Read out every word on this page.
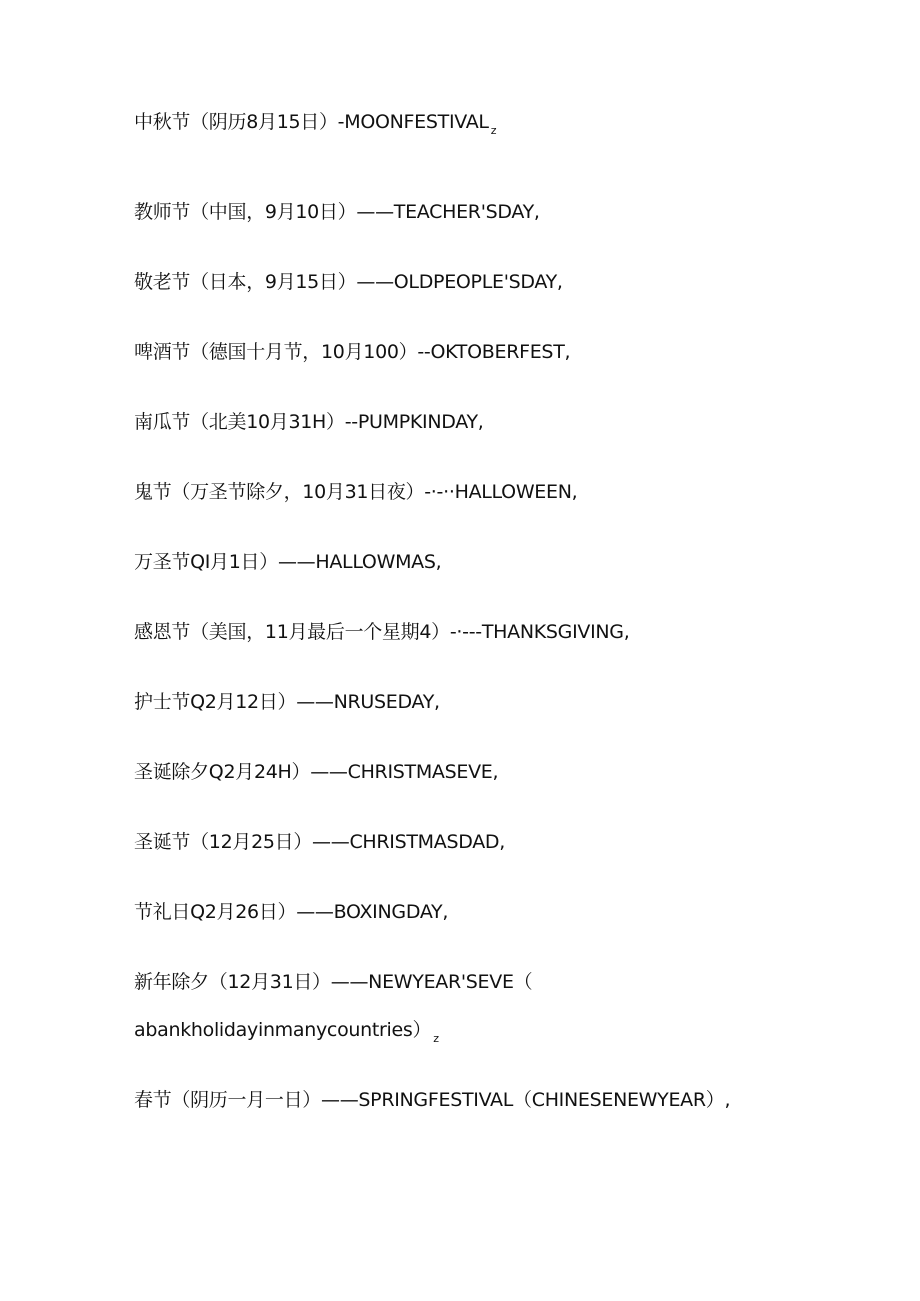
中秋节（阴历8月15日）-MOONFESTIVAL $_z$
教师节（中国，9月10日）——TEACHER'SDAY,
敬老节（日本，9月15日）——OLDPEOPLE'SDAY,
啤酒节（德国十月节，10月100）--OKTOBERFEST,
南瓜节（北美10月31H）--PUMPKINDAY,
鬼节（万圣节除夕，10月31日夜）-·-··HALLOWEEN,
万圣节QI月1日）——HALLOWMAS,
感恩节（美国，11月最后一个星期4）-·---THANKSGIVING,
护士节Q2月12日）——NRUSEDAY,
圣诞除夕Q2月24H）——CHRISTMASEVE,
圣诞节（12月25日）——CHRISTMASDAD,
节礼日Q2月26日）——BOXINGDAY,
新年除夕（12月31日）——NEWYEAR'SEVE（
abankholidayinmanycountries） $_z$
春节（阴历一月一日）——SPRINGFESTIVAL（CHINESENEWYEAR）,
